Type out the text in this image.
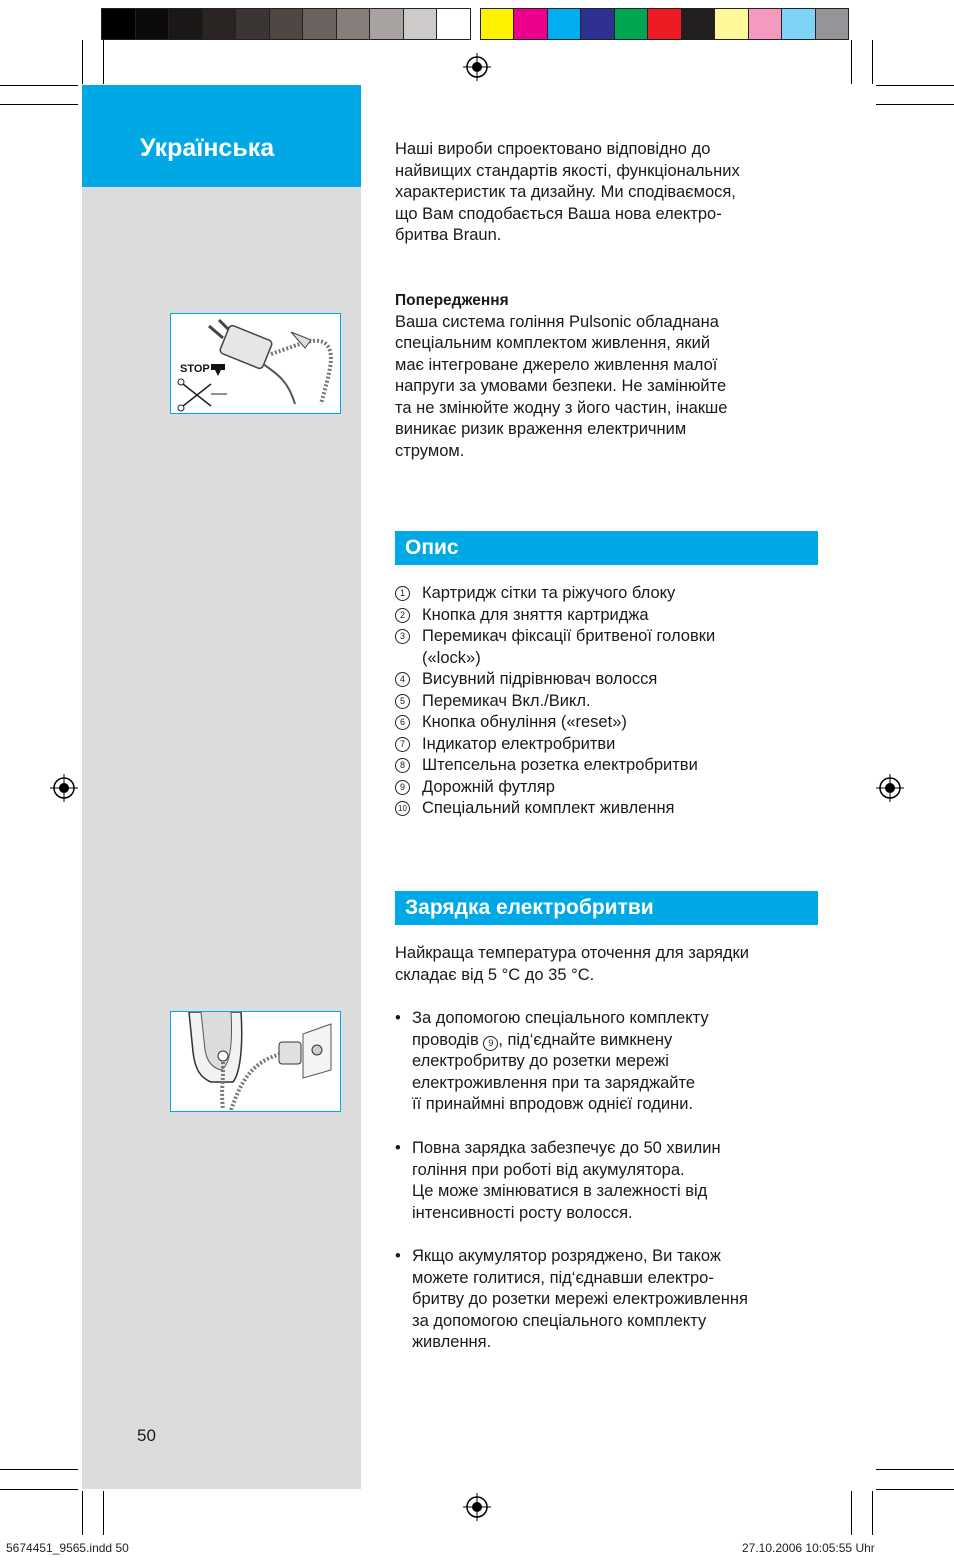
Українська
50
STOP
Наші вироби спроектовано відповідно до
найвищих стандартів якості, функціональних
характеристик та дизайну. Ми сподіваємося,
що Вам сподобається Ваша нова електро-
бритва Braun.
Попередження
Ваша система гоління Pulsonic обладнана
спеціальним комплектом живлення, який
має інтегроване джерело живлення малої
напруги за умовами безпеки. Не замінюйте
та не змінюйте жодну з його частин, інакше
виникає ризик враження електричним
струмом.
Опис
1	Картридж сітки та ріжучого блоку
2	Кнопка для зняття картриджа
3	Перемикач фіксації бритвеної головки
(«lock»)
4	Висувний підрівнювач волосся
5	Перемикач Вкл./Викл.
6	Кнопка обнуління («reset»)
7	Індикатор електробритви
8	Штепсельна розетка електробритви
9	Дорожній футляр
10 Спеціальний комплект живлення
Зарядка електробритви
Найкраща температура оточення для зарядки
складає від 5 °С до 35 °С.
• За допомогою спеціального комплекту
проводів 9 , під‘єднайте вимкнену
електробритву до розетки мережі
електроживлення при та заряджайте
її принаймні впродовж однієї години.
• Повна зарядка забезпечує до 50 хвилин
гоління при роботі від акумулятора.
Це може змінюватися в залежності від
інтенсивності росту волосся.
• Якщо акумулятор розряджено, Ви також
можете голитися, під‘єднавши електро-
бритву до розетки мережі електроживлення
за допомогою спеціального комплекту
живлення.
5674451_9565.indd 50	27.10.2006 10:05:55 Uhr
